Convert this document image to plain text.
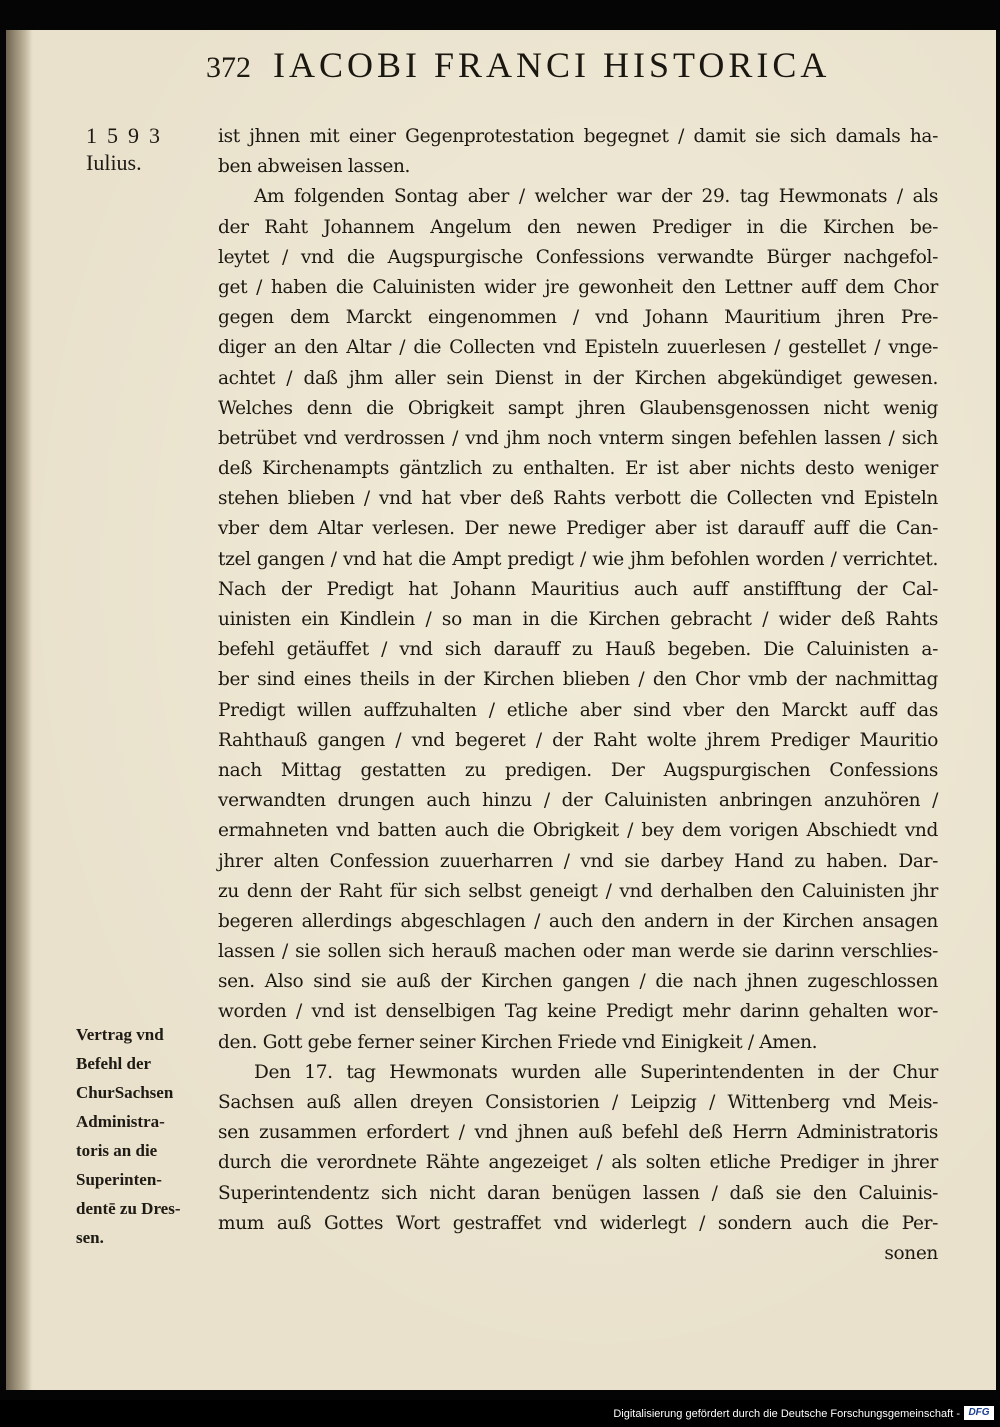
372 IACOBI FRANCI HISTORICA
1593
Iulius.
Vertrag vnd
Befehl der
ChurSachsen
Administra-
toris an die
Superinten-
dentē zu Dres-
sen.
ist jhnen mit einer Gegenprotestation begegnet / damit sie sich damals ha-
ben abweisen lassen.
Am folgenden Sontag aber / welcher war der 29. tag Hewmonats / als
der Raht Johannem Angelum den newen Prediger in die Kirchen be-
leytet / vnd die Augspurgische Confessions verwandte Bürger nachgefol-
get / haben die Caluinisten wider jre gewonheit den Lettner auff dem Chor
gegen dem Marckt eingenommen / vnd Johann Mauritium jhren Pre-
diger an den Altar / die Collecten vnd Episteln zuuerlesen / gestellet / vnge-
achtet / daß jhm aller sein Dienst in der Kirchen abgekündiget gewesen.
Welches denn die Obrigkeit sampt jhren Glaubensgenossen nicht wenig
betrübet vnd verdrossen / vnd jhm noch vnterm singen befehlen lassen / sich
deß Kirchenampts gäntzlich zu enthalten. Er ist aber nichts desto weniger
stehen blieben / vnd hat vber deß Rahts verbott die Collecten vnd Episteln
vber dem Altar verlesen. Der newe Prediger aber ist darauff auff die Can-
tzel gangen / vnd hat die Ampt predigt / wie jhm befohlen worden / verrichtet.
Nach der Predigt hat Johann Mauritius auch auff anstifftung der Cal-
uinisten ein Kindlein / so man in die Kirchen gebracht / wider deß Rahts
befehl getäuffet / vnd sich darauff zu Hauß begeben. Die Caluinisten a-
ber sind eines theils in der Kirchen blieben / den Chor vmb der nachmittag
Predigt willen auffzuhalten / etliche aber sind vber den Marckt auff das
Rahthauß gangen / vnd begeret / der Raht wolte jhrem Prediger Mauritio
nach Mittag gestatten zu predigen. Der Augspurgischen Confessions
verwandten drungen auch hinzu / der Caluinisten anbringen anzuhören /
ermahneten vnd batten auch die Obrigkeit / bey dem vorigen Abschiedt vnd
jhrer alten Confession zuuerharren / vnd sie darbey Hand zu haben. Dar-
zu denn der Raht für sich selbst geneigt / vnd derhalben den Caluinisten jhr
begeren allerdings abgeschlagen / auch den andern in der Kirchen ansagen
lassen / sie sollen sich herauß machen oder man werde sie darinn verschlies-
sen. Also sind sie auß der Kirchen gangen / die nach jhnen zugeschlossen
worden / vnd ist denselbigen Tag keine Predigt mehr darinn gehalten wor-
den. Gott gebe ferner seiner Kirchen Friede vnd Einigkeit / Amen.
Den 17. tag Hewmonats wurden alle Superintendenten in der Chur
Sachsen auß allen dreyen Consistorien / Leipzig / Wittenberg vnd Meis-
sen zusammen erfordert / vnd jhnen auß befehl deß Herrn Administratoris
durch die verordnete Rähte angezeiget / als solten etliche Prediger in jhrer
Superintendentz sich nicht daran benügen lassen / daß sie den Caluinis-
mum auß Gottes Wort gestraffet vnd widerlegt / sondern auch die Per-
sonen
Digitalisierung gefördert durch die Deutsche Forschungsgemeinschaft - DFG
